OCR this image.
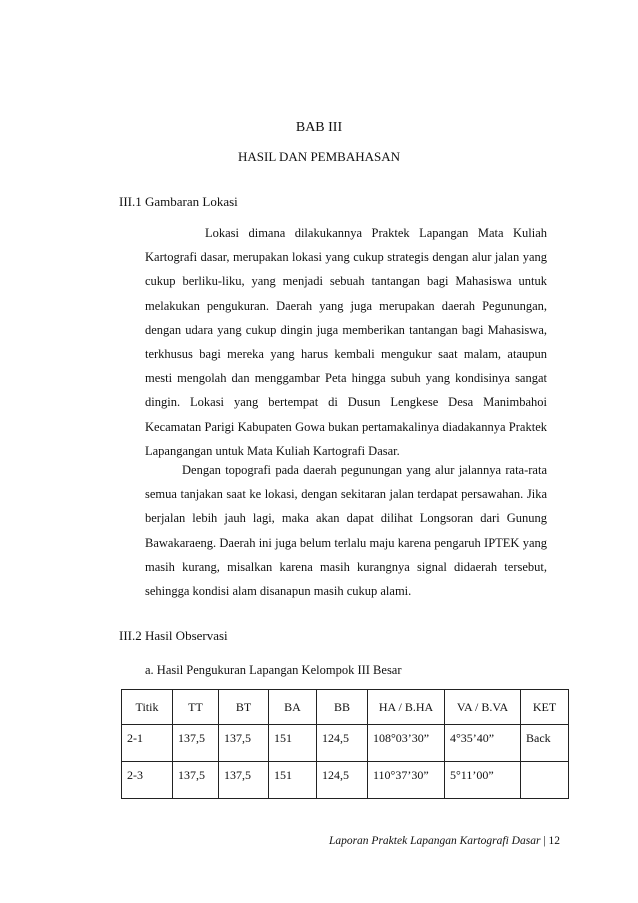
BAB III
HASIL DAN PEMBAHASAN
III.1 Gambaran Lokasi

Lokasi dimana dilakukannya Praktek Lapangan Mata Kuliah Kartografi dasar, merupakan lokasi yang cukup strategis dengan alur jalan yang cukup berliku-liku, yang menjadi sebuah tantangan bagi Mahasiswa untuk melakukan pengukuran. Daerah yang juga merupakan daerah Pegunungan, dengan udara yang cukup dingin juga memberikan tantangan bagi Mahasiswa, terkhusus bagi mereka yang harus kembali mengukur saat malam, ataupun mesti mengolah dan menggambar Peta hingga subuh yang kondisinya sangat dingin. Lokasi yang bertempat di Dusun Lengkese Desa Manimbahoi Kecamatan Parigi Kabupaten Gowa bukan pertamakalinya diadakannya Praktek Lapangangan untuk Mata Kuliah Kartografi Dasar.

Dengan topografi pada daerah pegunungan yang alur jalannya rata-rata semua tanjakan saat ke lokasi, dengan sekitaran jalan terdapat persawahan. Jika berjalan lebih jauh lagi, maka akan dapat dilihat Longsoran dari Gunung Bawakaraeng. Daerah ini juga belum terlalu maju karena pengaruh IPTEK yang masih kurang, misalkan karena masih kurangnya signal didaerah tersebut, sehingga kondisi alam disanapun masih cukup alami.

III.2 Hasil Observasi
a. Hasil Pengukuran Lapangan Kelompok III Besar
Titik	TT	BT	BA	BB	HA / B.HA	VA / B.VA	KET
2-1	137,5	137,5	151	124,5	108°03’30”	4°35’40”	Back
2-3	137,5	137,5	151	124,5	110°37’30”	5°11’00”	
Laporan Praktek Lapangan Kartografi Dasar | 12
